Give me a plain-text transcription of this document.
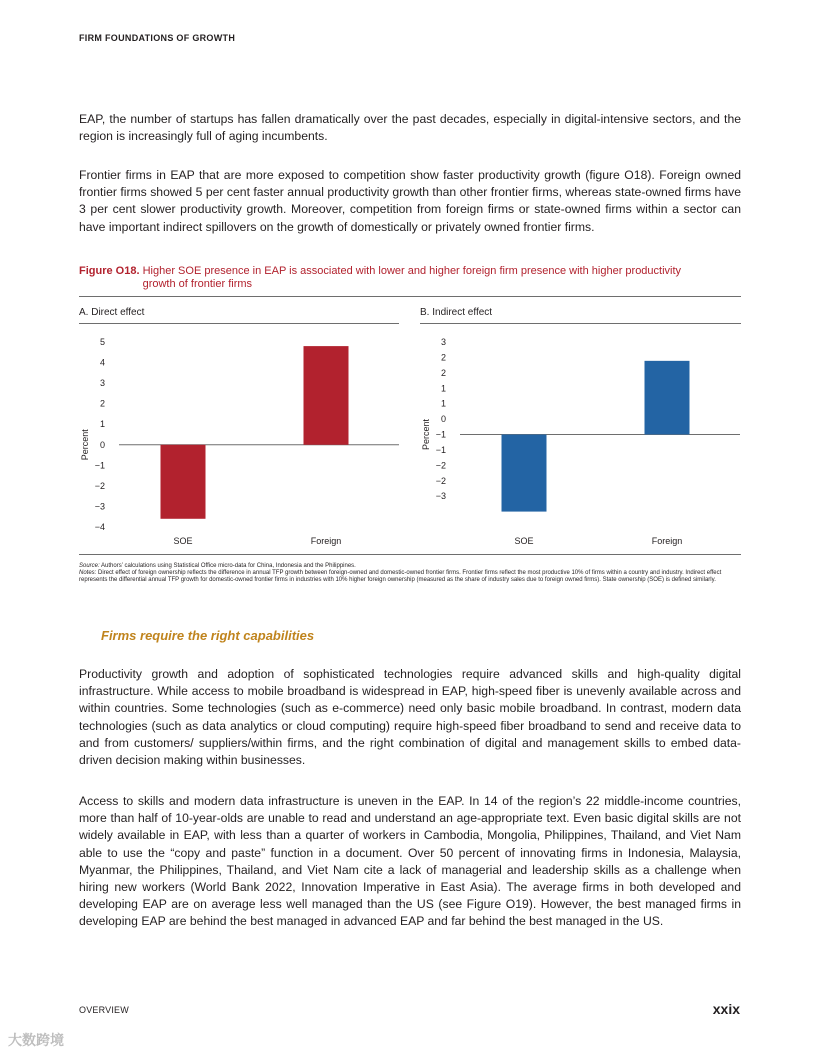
FIRM FOUNDATIONS OF GROWTH

EAP, the number of startups has fallen dramatically over the past decades, especially in digital-intensive sectors, and the region is increasingly full of aging incumbents.

Frontier firms in EAP that are more exposed to competition show faster productivity growth (figure O18). Foreign owned frontier firms showed 5 per cent faster annual productivity growth than other frontier firms, whereas state-owned firms have 3 per cent slower productivity growth. Moreover, competition from foreign firms or state-owned firms within a sector can have important indirect spillovers on the growth of domestically or privately owned frontier firms.

Figure O18. Higher SOE presence in EAP is associated with lower and higher foreign firm presence with higher productivity growth of frontier firms
A. Direct effect	B. Indirect effect
5
4
3
2
1
0
−1
−2
−3
−4
Percent
SOE	Foreign
3
2
2
1
1
0
−1
−1
−2
−2
−3
Percent
SOE	Foreign
Source: Authors’ calculations using Statistical Office micro-data for China, Indonesia and the Philippines.
Notes: Direct effect of foreign ownership reflects the difference in annual TFP growth between foreign-owned and domestic-owned frontier firms. Frontier firms reflect the most productive 10% of firms within a country and industry. Indirect effect represents the differential annual TFP growth for domestic-owned frontier firms in industries with 10% higher foreign ownership (measured as the share of industry sales due to foreign owned firms). State ownership (SOE) is defined similarly.
Firms require the right capabilities

Productivity growth and adoption of sophisticated technologies require advanced skills and high-quality digital infrastructure. While access to mobile broadband is widespread in EAP, high-speed fiber is unevenly available across and within countries. Some technologies (such as e-commerce) need only basic mobile broadband. In contrast, modern data technologies (such as data analytics or cloud computing) require high-speed fiber broadband to send and receive data to and from customers/ suppliers/within firms, and the right combination of digital and management skills to embed data-driven decision making within businesses.

Access to skills and modern data infrastructure is uneven in the EAP. In 14 of the region’s 22 middle-income countries, more than half of 10-year-olds are unable to read and understand an age-appropriate text. Even basic digital skills are not widely available in EAP, with less than a quarter of workers in Cambodia, Mongolia, Philippines, Thailand, and Viet Nam able to use the “copy and paste” function in a document. Over 50 percent of innovating firms in Indonesia, Malaysia, Myanmar, the Philippines, Thailand, and Viet Nam cite a lack of managerial and leadership skills as a challenge when hiring new workers (World Bank 2022, Innovation Imperative in East Asia). The average firms in both developed and developing EAP are on average less well managed than the US (see Figure O19). However, the best managed firms in developing EAP are behind the best managed in advanced EAP and far behind the best managed in the US.

OVERVIEW	xxix
大数跨境
